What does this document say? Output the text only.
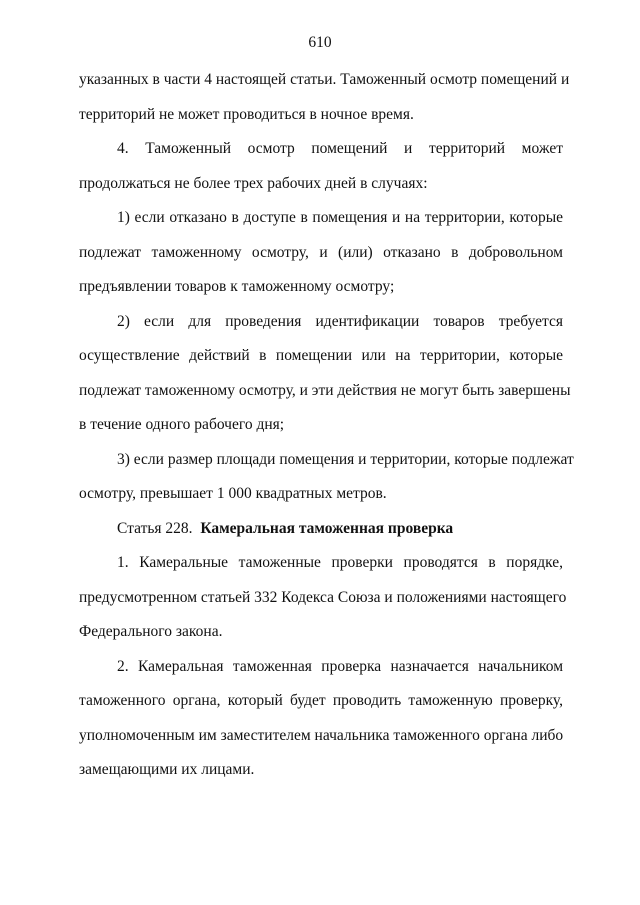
610
указанных в части 4 настоящей статьи. Таможенный осмотр помещений и
территорий не может проводиться в ночное время.
4. Таможенный осмотр помещений и территорий может
продолжаться не более трех рабочих дней в случаях:
1) если отказано в доступе в помещения и на территории, которые
подлежат таможенному осмотру, и (или) отказано в добровольном
предъявлении товаров к таможенному осмотру;
2) если для проведения идентификации товаров требуется
осуществление действий в помещении или на территории, которые
подлежат таможенному осмотру, и эти действия не могут быть завершены
в течение одного рабочего дня;
3) если размер площади помещения и территории, которые подлежат
осмотру, превышает 1 000 квадратных метров.
Статья 228. Камеральная таможенная проверка
1. Камеральные таможенные проверки проводятся в порядке,
предусмотренном статьей 332 Кодекса Союза и положениями настоящего
Федерального закона.
2. Камеральная таможенная проверка назначается начальником
таможенного органа, который будет проводить таможенную проверку,
уполномоченным им заместителем начальника таможенного органа либо
замещающими их лицами.
